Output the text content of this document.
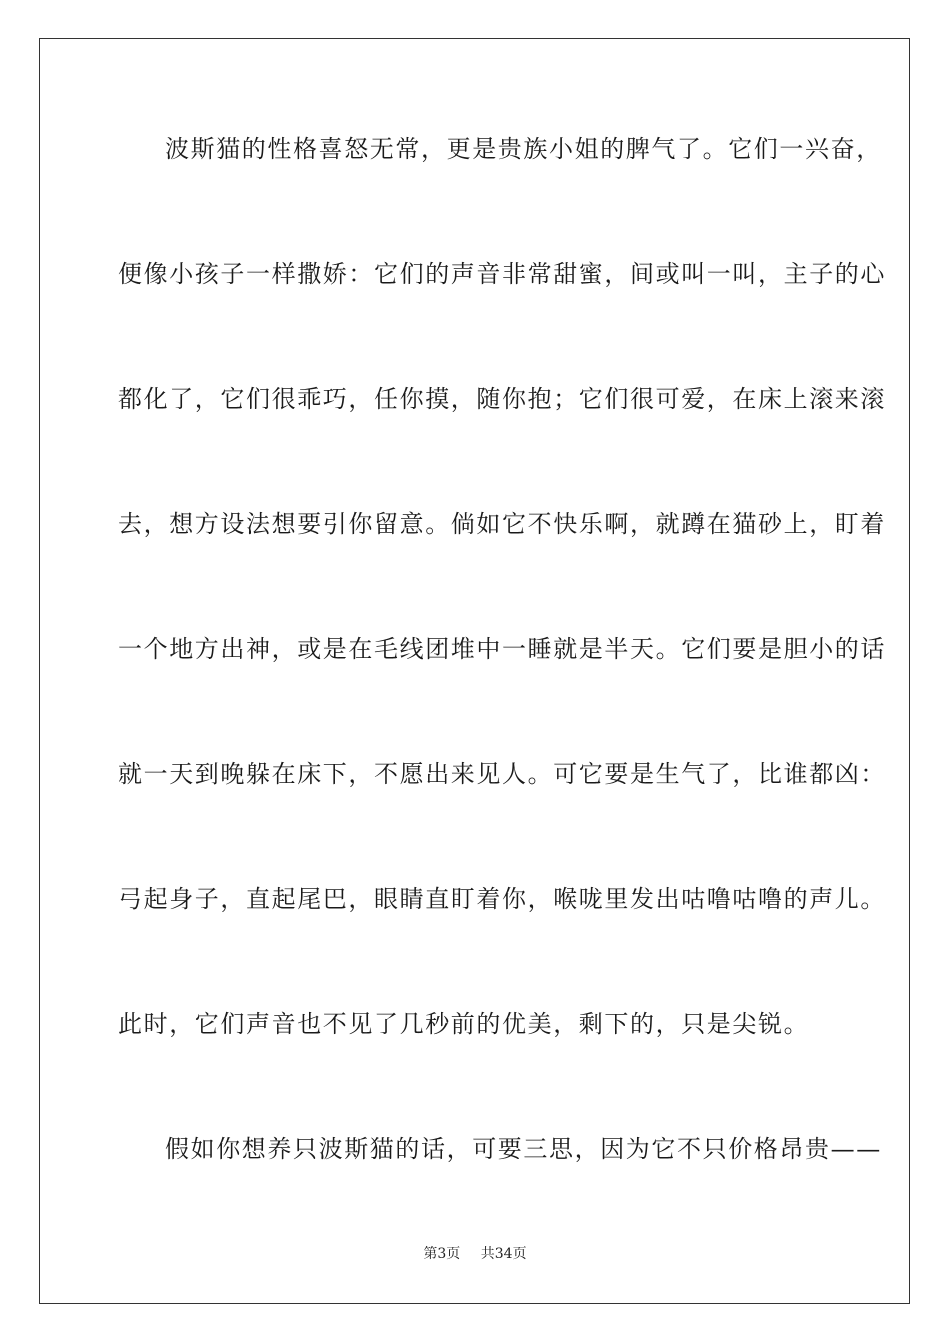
波斯猫的性格喜怒无常，更是贵族小姐的脾气了。它们一兴奋，
便像小孩子一样撒娇：它们的声音非常甜蜜，间或叫一叫，主子的心
都化了，它们很乖巧，任你摸，随你抱；它们很可爱，在床上滚来滚
去，想方设法想要引你留意。倘如它不快乐啊，就蹲在猫砂上，盯着
一个地方出神，或是在毛线团堆中一睡就是半天。它们要是胆小的话
就一天到晚躲在床下，不愿出来见人。可它要是生气了，比谁都凶：
弓起身子，直起尾巴，眼睛直盯着你，喉咙里发出咕噜咕噜的声儿。
此时，它们声音也不见了几秒前的优美，剩下的，只是尖锐。
假如你想养只波斯猫的话，可要三思，因为它不只价格昂贵——
第3页 共34页
